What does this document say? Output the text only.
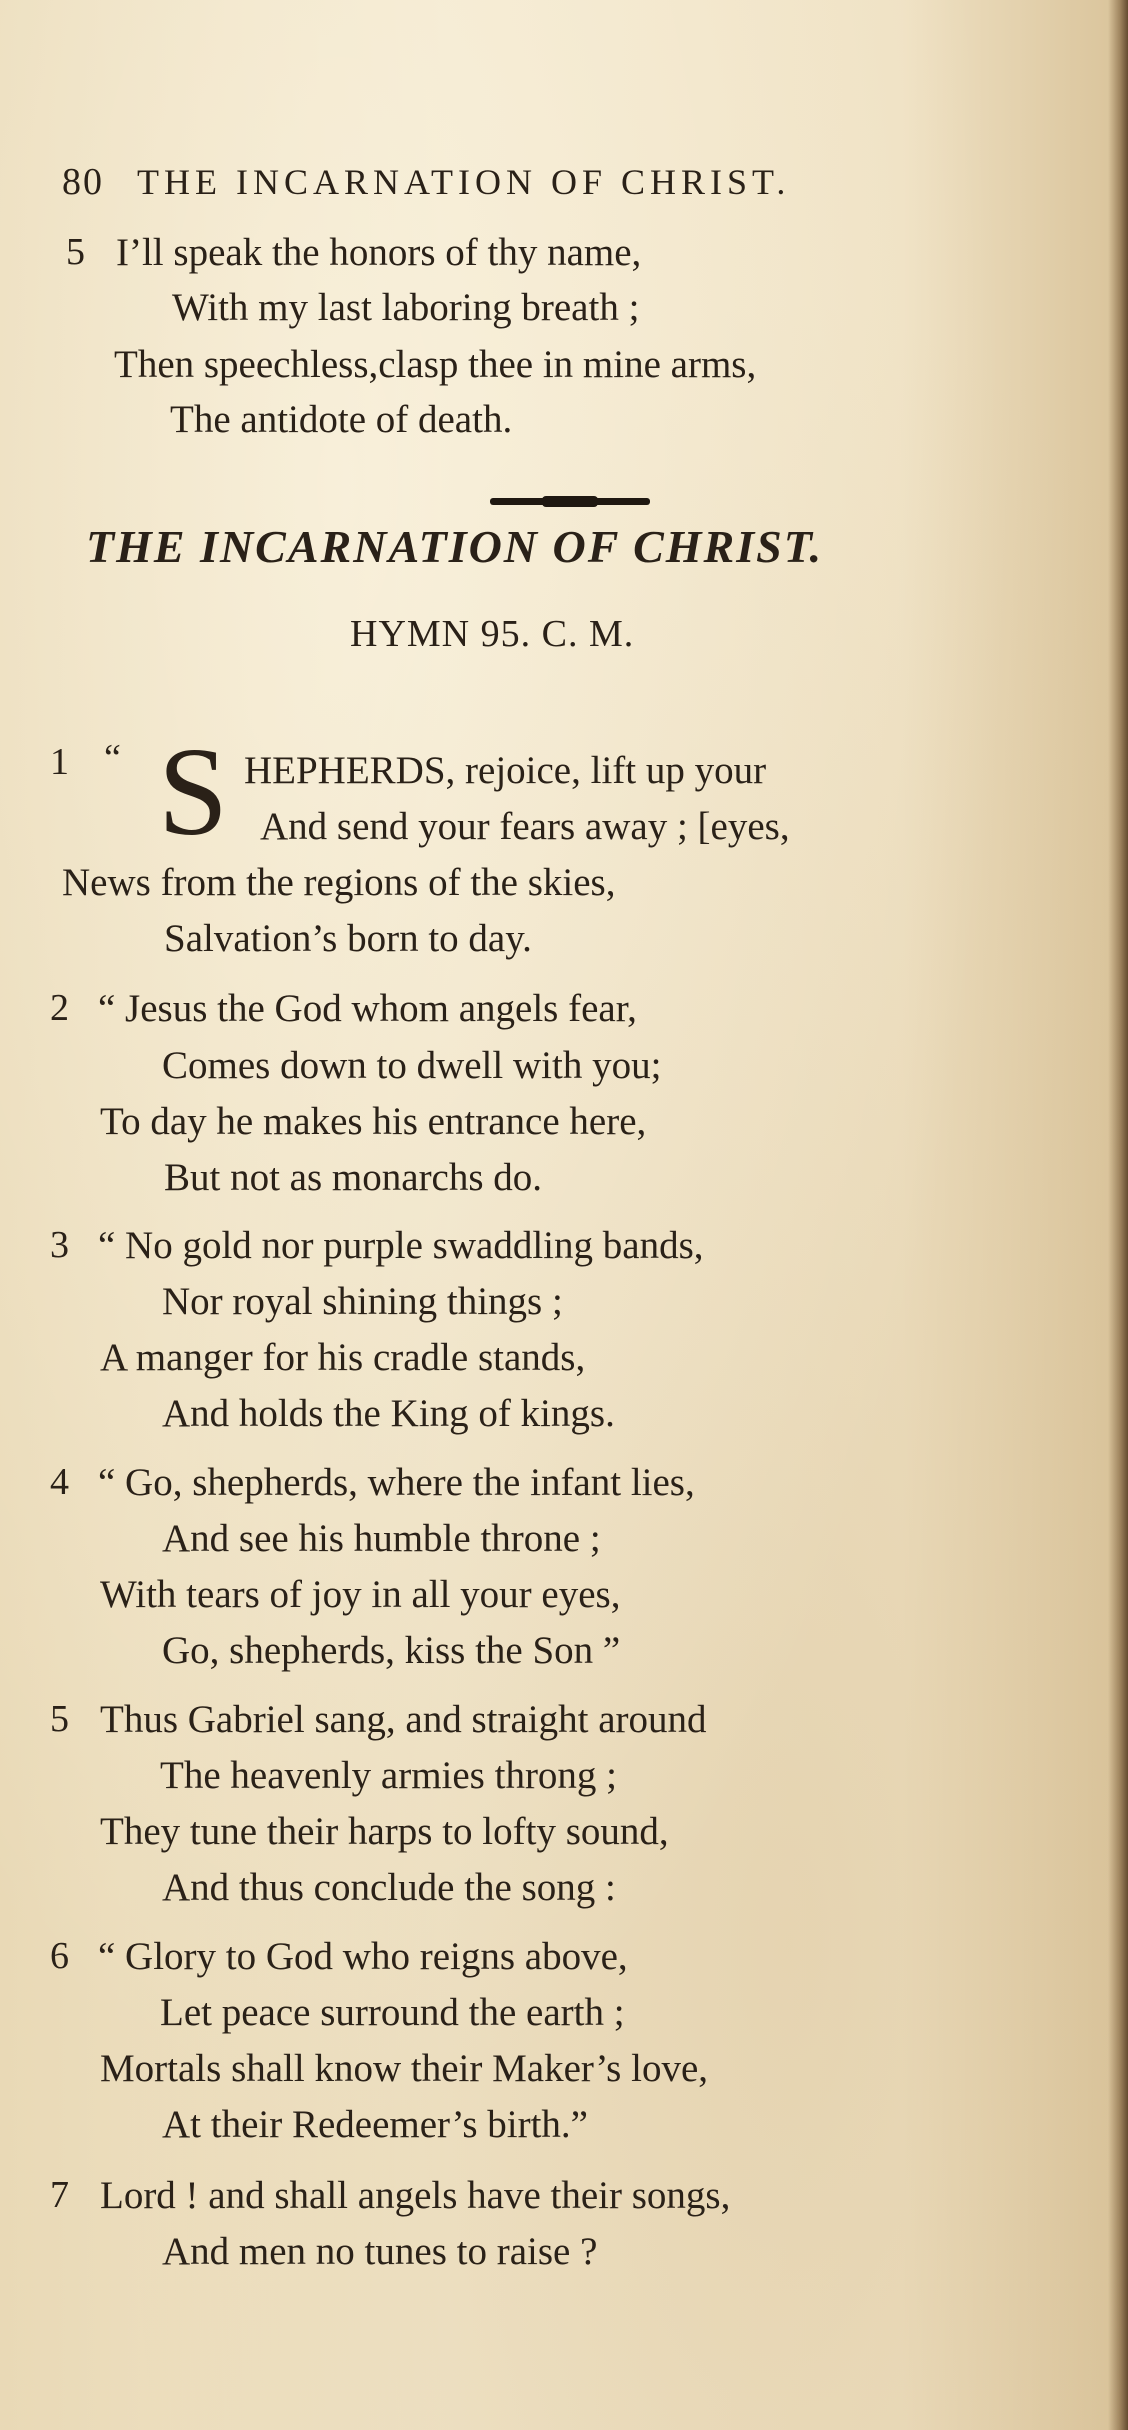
80 THE INCARNATION OF CHRIST.
5 I’ll speak the honors of thy name,
With my last laboring breath ;
Then speechless,clasp thee in mine arms,
The antidote of death.
THE INCARNATION OF CHRIST.
HYMN 95. C. M.
1 “ S HEPHERDS, rejoice, lift up your
And send your fears away ; [eyes,
News from the regions of the skies,
Salvation’s born to day.
2 “ Jesus the God whom angels fear,
Comes down to dwell with you;
To day he makes his entrance here,
But not as monarchs do.
3 “ No gold nor purple swaddling bands,
Nor royal shining things ;
A manger for his cradle stands,
And holds the King of kings.
4 “ Go, shepherds, where the infant lies,
And see his humble throne ;
With tears of joy in all your eyes,
Go, shepherds, kiss the Son ”
5 Thus Gabriel sang, and straight around
The heavenly armies throng ;
They tune their harps to lofty sound,
And thus conclude the song :
6 “ Glory to God who reigns above,
Let peace surround the earth ;
Mortals shall know their Maker’s love,
At their Redeemer’s birth.”
7 Lord ! and shall angels have their songs,
And men no tunes to raise ?
